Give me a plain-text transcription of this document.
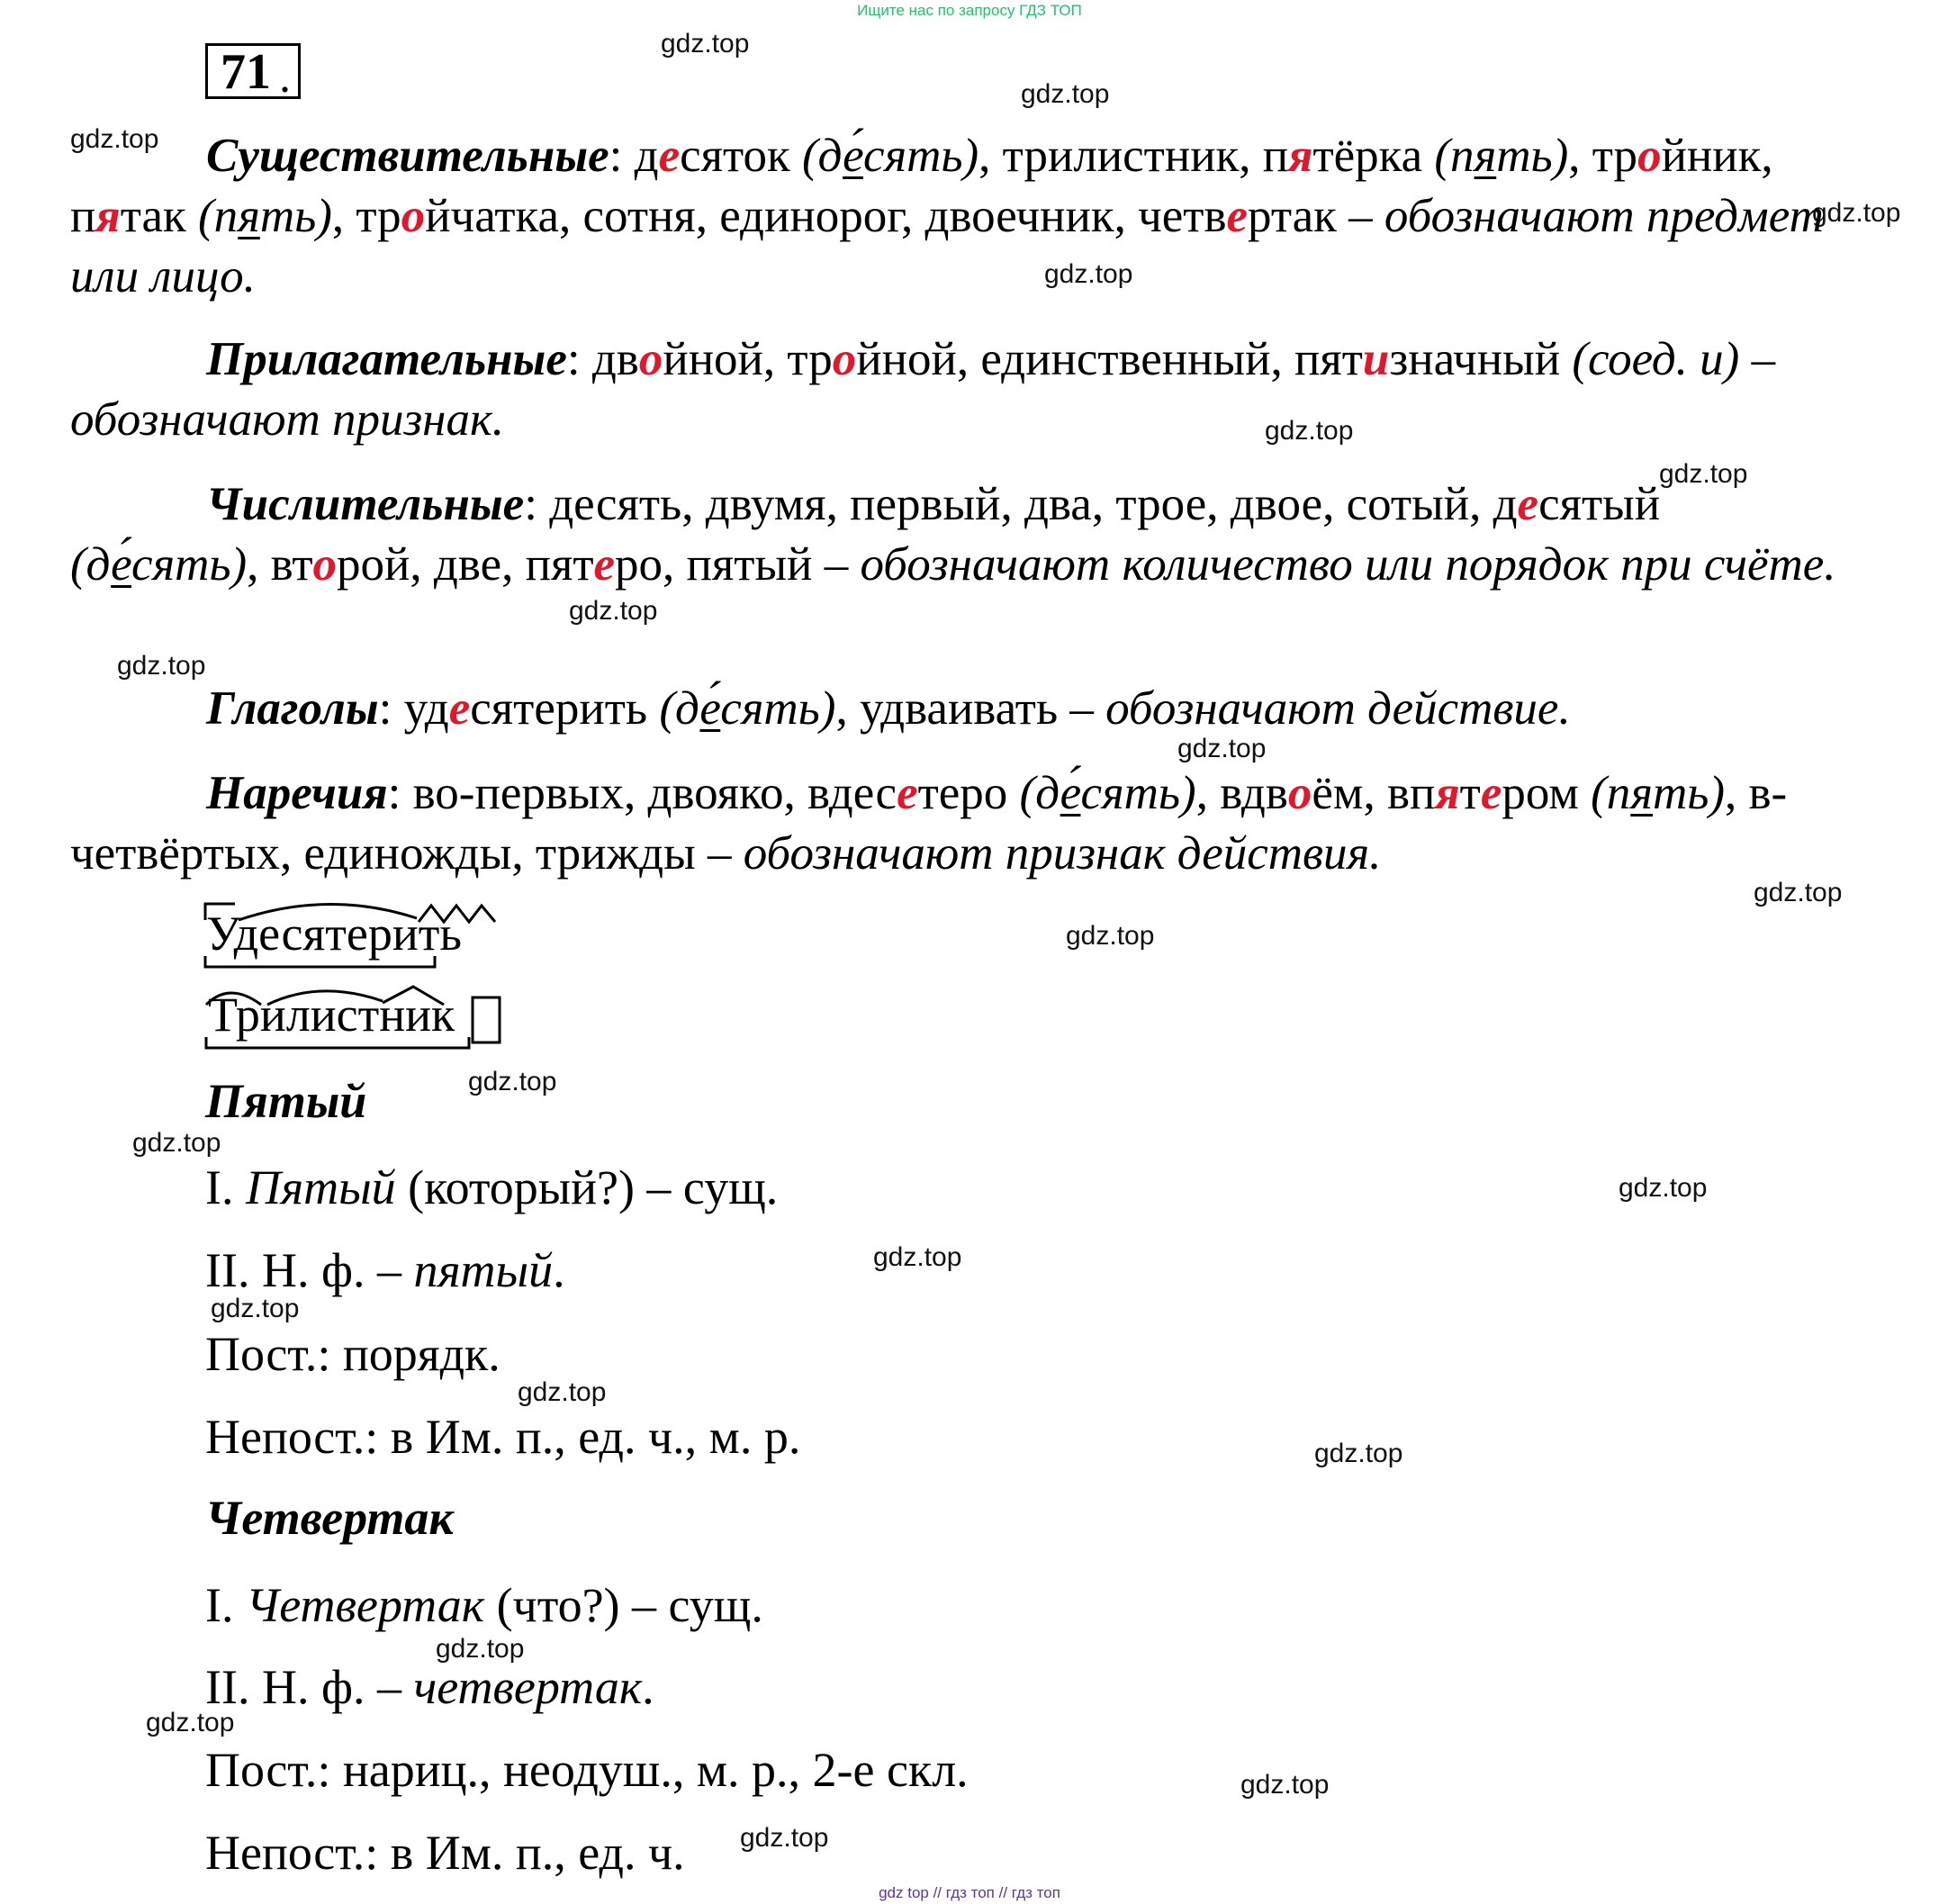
Ищите нас по запросу ГДЗ ТОП
gdz top // гдз топ // гдз топ
71 .
gdz.top
gdz.top
gdz.top
gdz.top
gdz.top
gdz.top
gdz.top
gdz.top
gdz.top
gdz.top
gdz.top
gdz.top
gdz.top
gdz.top
gdz.top
gdz.top
gdz.top
gdz.top
gdz.top
gdz.top
gdz.top
gdz.top
gdz.top
Существительные: десяток (де́сять), трилистник, пятёрка (пять), тройник, пятак (пять), тройчатка, сотня, единорог, двоечник, четвертак – обозначают предмет или лицо.
Прилагательные: двойной, тройной, единственный, пятизначный (соед. и) – обозначают признак.
Числительные: десять, двумя, первый, два, трое, двое, сотый, десятый (де́сять), второй, две, пятеро, пятый – обозначают количество или порядок при счёте.
Глаголы: удесятерить (де́сять), удваивать – обозначают действие.
Наречия: во-первых, двояко, вдесетеро (де́сять), вдвоём, впятером (пять), в-четвёртых, единожды, трижды – обозначают признак действия.
Удесятерить
Трилистник
Пятый
I. Пятый (который?) – сущ.
II. Н. ф. – пятый.
Пост.: порядк.
Непост.: в Им. п., ед. ч., м. р.
Четвертак
I. Четвертак (что?) – сущ.
II. Н. ф. – четвертак.
Пост.: нариц., неодуш., м. р., 2-е скл.
Непост.: в Им. п., ед. ч.
